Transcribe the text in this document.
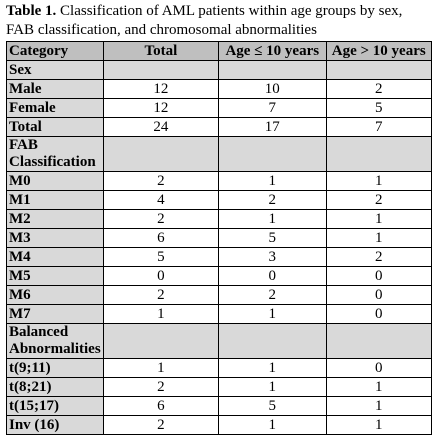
Table 1. Classification of AML patients within age groups by sex, FAB classification, and chromosomal abnormalities
Category	Total	Age ≤ 10 years	Age > 10 years
Sex			
Male	12	10	2
Female	12	7	5
Total	24	17	7
FAB Classification			
M0	2	1	1
M1	4	2	2
M2	2	1	1
M3	6	5	1
M4	5	3	2
M5	0	0	0
M6	2	2	0
M7	1	1	0
Balanced Abnormalities			
t(9;11)	1	1	0
t(8;21)	2	1	1
t(15;17)	6	5	1
Inv (16)	2	1	1
